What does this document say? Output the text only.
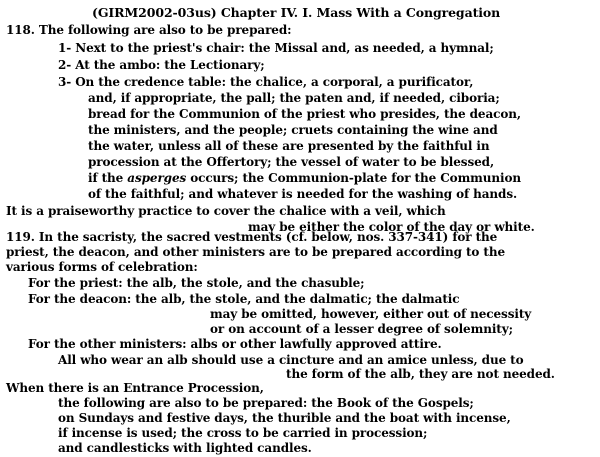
(GIRM2002-03us) Chapter IV. I. Mass With a Congregation
118. The following are also to be prepared:
1- Next to the priest's chair: the Missal and, as needed, a hymnal;
2- At the ambo: the Lectionary;
3- On the credence table: the chalice, a corporal, a purificator,
and, if appropriate, the pall; the paten and, if needed, ciboria;
bread for the Communion of the priest who presides, the deacon,
the ministers, and the people; cruets containing the wine and
the water, unless all of these are presented by the faithful in
procession at the Offertory; the vessel of water to be blessed,
if the asperges occurs; the Communion-plate for the Communion
of the faithful; and whatever is needed for the washing of hands.
It is a praiseworthy practice to cover the chalice with a veil, which
may be either the color of the day or white.
119. In the sacristy, the sacred vestments (cf. below, nos. 337-341) for the
priest, the deacon, and other ministers are to be prepared according to the
various forms of celebration:
For the priest: the alb, the stole, and the chasuble;
For the deacon: the alb, the stole, and the dalmatic; the dalmatic
may be omitted, however, either out of necessity
or on account of a lesser degree of solemnity;
For the other ministers: albs or other lawfully approved attire.
All who wear an alb should use a cincture and an amice unless, due to
the form of the alb, they are not needed.
When there is an Entrance Procession,
the following are also to be prepared: the Book of the Gospels;
on Sundays and festive days, the thurible and the boat with incense,
if incense is used; the cross to be carried in procession;
and candlesticks with lighted candles.
